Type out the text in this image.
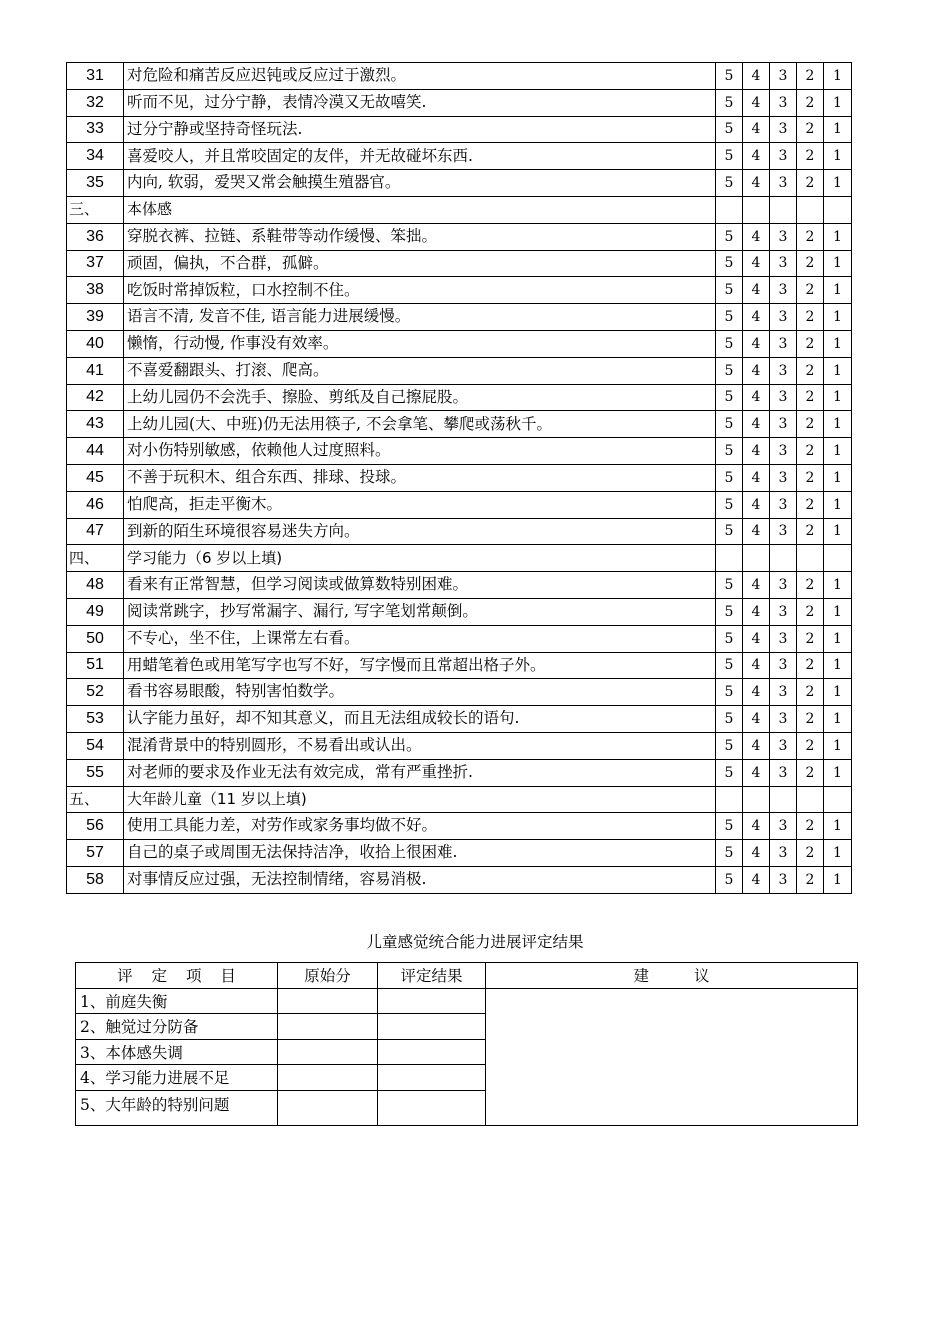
31	对危险和痛苦反应迟钝或反应过于激烈。	5	4	3	2	1
32	听而不见，过分宁静，表情冷漠又无故嘻笑.	5	4	3	2	1
33	过分宁静或坚持奇怪玩法.	5	4	3	2	1
34	喜爱咬人，并且常咬固定的友伴，并无故碰坏东西.	5	4	3	2	1
35	内向, 软弱，爱哭又常会触摸生殖器官。	5	4	3	2	1
三、	本体感					
36	穿脱衣裤、拉链、系鞋带等动作缓慢、笨拙。	5	4	3	2	1
37	顽固，偏执，不合群，孤僻。	5	4	3	2	1
38	吃饭时常掉饭粒，口水控制不住。	5	4	3	2	1
39	语言不清, 发音不佳, 语言能力进展缓慢。	5	4	3	2	1
40	懒惰，行动慢, 作事没有效率。	5	4	3	2	1
41	不喜爱翻跟头、打滚、爬高。	5	4	3	2	1
42	上幼儿园仍不会洗手、擦脸、剪纸及自己擦屁股。	5	4	3	2	1
43	上幼儿园(大、中班)仍无法用筷子, 不会拿笔、攀爬或荡秋千。	5	4	3	2	1
44	对小伤特别敏感，依赖他人过度照料。	5	4	3	2	1
45	不善于玩积木、组合东西、排球、投球。	5	4	3	2	1
46	怕爬高，拒走平衡木。	5	4	3	2	1
47	到新的陌生环境很容易迷失方向。	5	4	3	2	1
四、	学习能力（6 岁以上填)					
48	看来有正常智慧，但学习阅读或做算数特别困难。	5	4	3	2	1
49	阅读常跳字，抄写常漏字、漏行, 写字笔划常颠倒。	5	4	3	2	1
50	不专心，坐不住，上课常左右看。	5	4	3	2	1
51	用蜡笔着色或用笔写字也写不好，写字慢而且常超出格子外。	5	4	3	2	1
52	看书容易眼酸，特别害怕数学。	5	4	3	2	1
53	认字能力虽好，却不知其意义，而且无法组成较长的语句.	5	4	3	2	1
54	混淆背景中的特别圆形，不易看出或认出。	5	4	3	2	1
55	对老师的要求及作业无法有效完成，常有严重挫折.	5	4	3	2	1
五、	大年龄儿童（11 岁以上填)					
56	使用工具能力差，对劳作或家务事均做不好。	5	4	3	2	1
57	自己的桌子或周围无法保持洁净，收拾上很困难.	5	4	3	2	1
58	对事情反应过强，无法控制情绪，容易消极.	5	4	3	2	1
儿童感觉统合能力进展评定结果
评 定 项 目	原始分	评定结果	建 议
1、前庭失衡			
2、触觉过分防备			
3、本体感失调			
4、学习能力进展不足			
5、大年龄的特别问题			
